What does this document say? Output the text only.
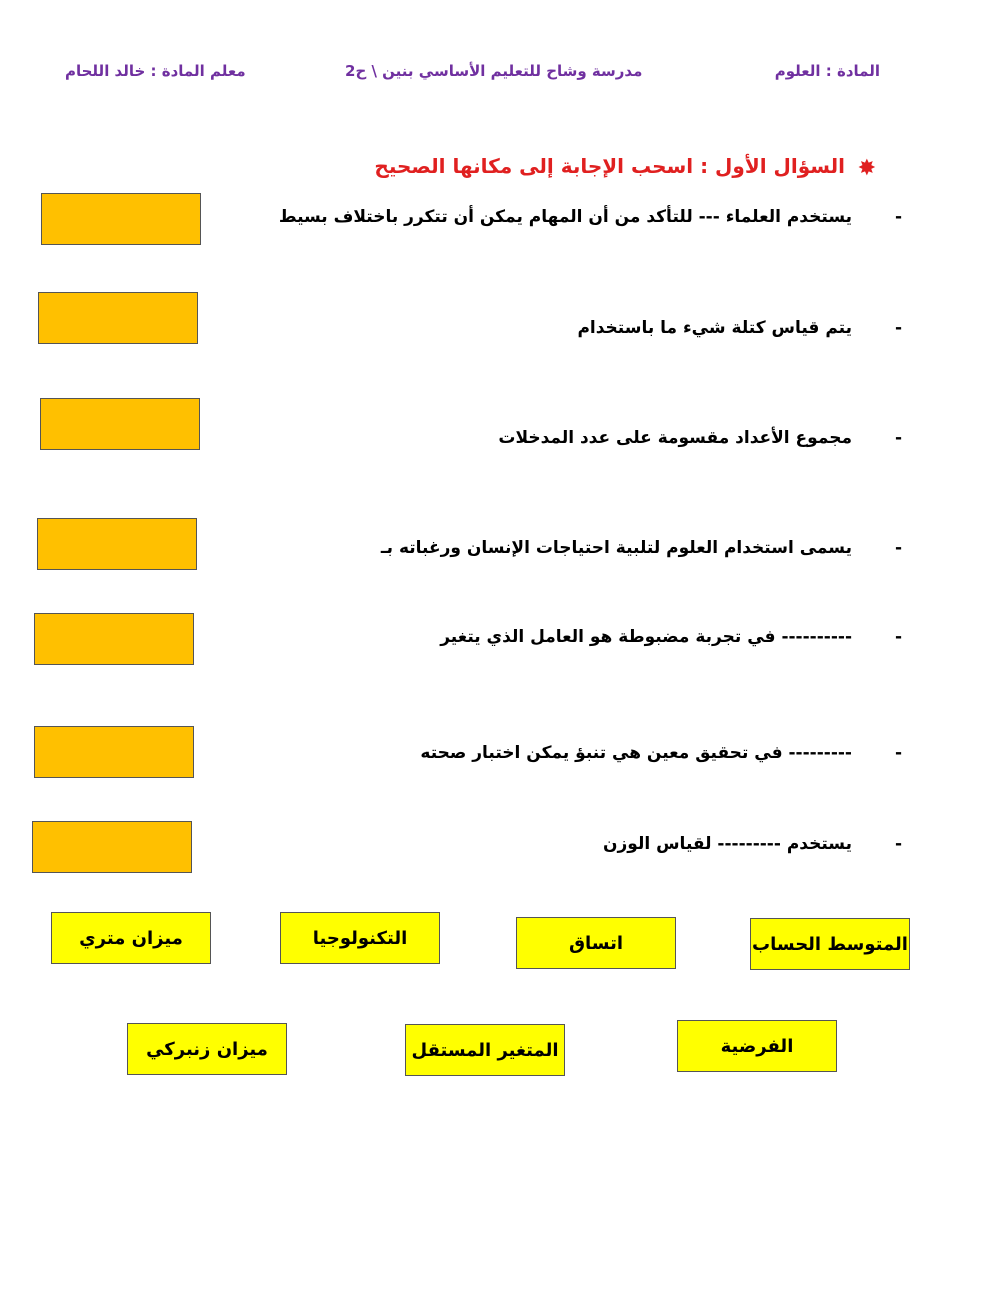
المادة : العلوم
مدرسة وشاح للتعليم الأساسي بنين \ ح2
معلم المادة : خالد اللحام
✸
السؤال الأول : اسحب الإجابة إلى مكانها الصحيح
-يستخدم العلماء --- للتأكد من أن المهام يمكن أن تتكرر باختلاف بسيط
-يتم قياس كتلة شيء ما باستخدام
-مجموع الأعداد مقسومة على عدد المدخلات
-يسمى استخدام العلوم لتلبية احتياجات الإنسان ورغباته بـ
----------- في تجربة مضبوطة هو العامل الذي يتغير
---------- في تحقيق معين هي تنبؤ يمكن اختبار صحته
-يستخدم --------- لقياس الوزن
ميزان متري	التكنولوجيا	اتساق	المتوسط الحساب
ميزان زنبركي	المتغير المستقل	الفرضية
